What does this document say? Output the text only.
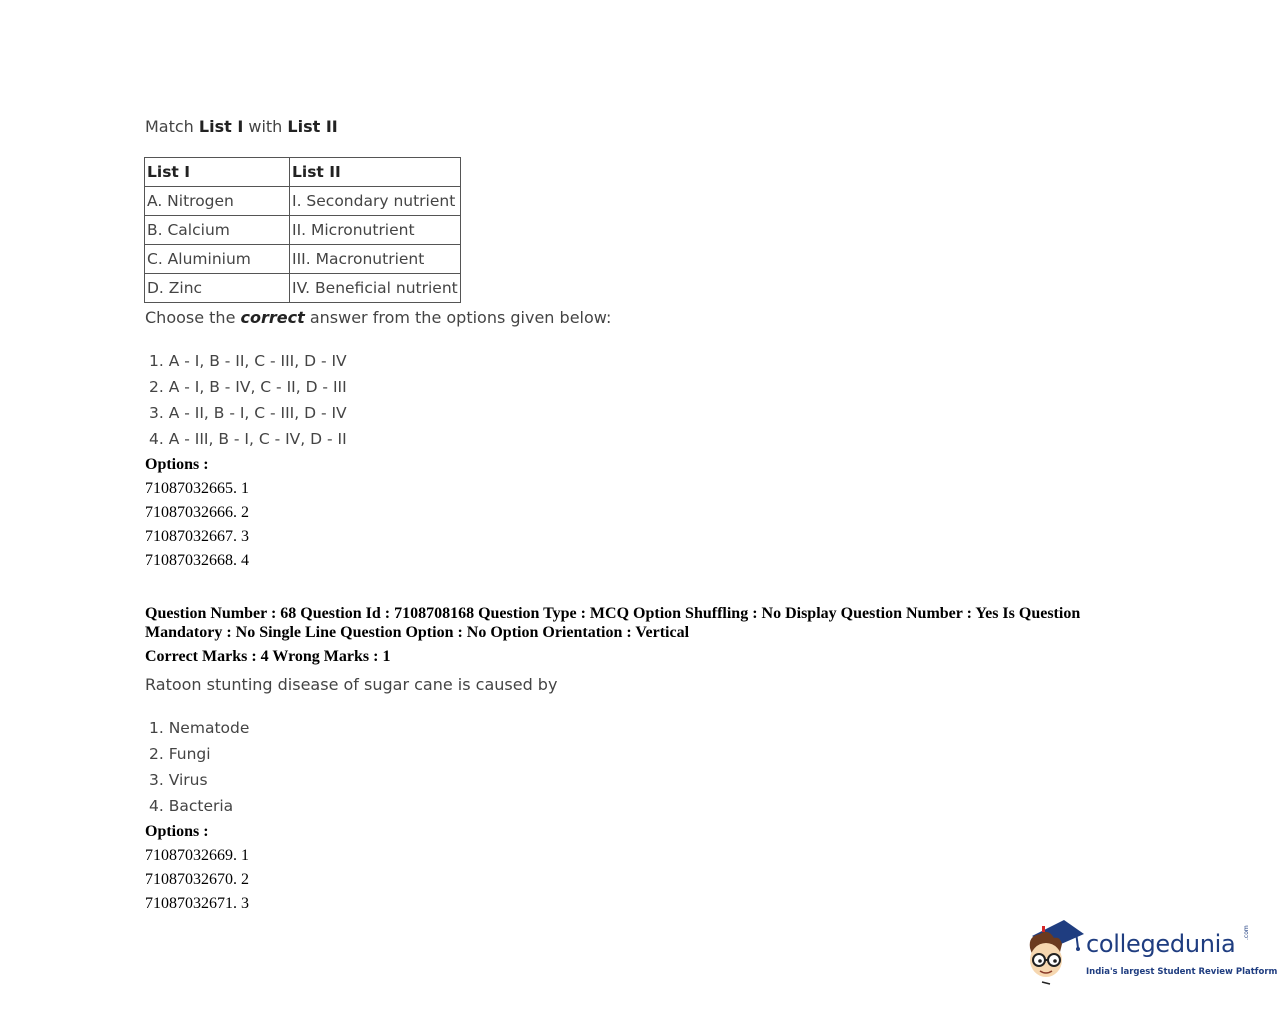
Match List I with List II
List I	List II
A. Nitrogen	I. Secondary nutrient
B. Calcium	II. Micronutrient
C. Aluminium	III. Macronutrient
D. Zinc	IV. Beneficial nutrient
Choose the correct answer from the options given below:
1. A - I, B - II, C - III, D - IV
2. A - I, B - IV, C - II, D - III
3. A - II, B - I, C - III, D - IV
4. A - III, B - I, C - IV, D - II
Options :
71087032665. 1
71087032666. 2
71087032667. 3
71087032668. 4
Question Number : 68 Question Id : 7108708168 Question Type : MCQ Option Shuffling : No Display Question Number : Yes Is Question Mandatory : No Single Line Question Option : No Option Orientation : Vertical
Correct Marks : 4 Wrong Marks : 1
Ratoon stunting disease of sugar cane is caused by
1. Nematode
2. Fungi
3. Virus
4. Bacteria
Options :
71087032669. 1
71087032670. 2
71087032671. 3
collegedunia .com
India's largest Student Review Platform
